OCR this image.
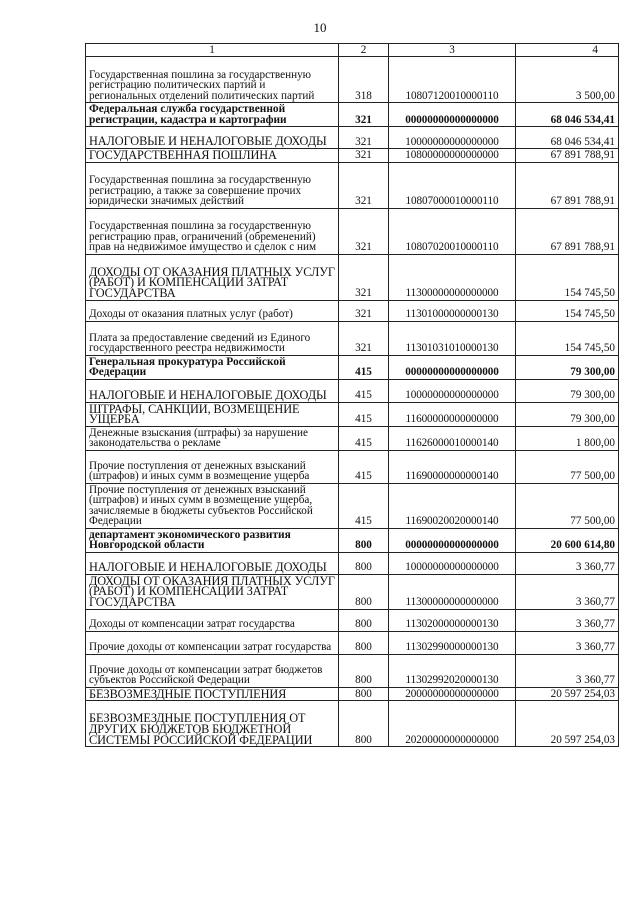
10
1	2	3	4
Государственная пошлина за государственную регистрацию политических партий и региональных отделений политических партий	318	10807120010000110	3 500,00
Федеральная служба государственной регистрации, кадастра и картографии	321	00000000000000000	68 046 534,41
НАЛОГОВЫЕ И НЕНАЛОГОВЫЕ ДОХОДЫ	321	10000000000000000	68 046 534,41
ГОСУДАРСТВЕННАЯ ПОШЛИНА	321	10800000000000000	67 891 788,91
Государственная пошлина за государственную регистрацию, а также за совершение прочих юридически значимых действий	321	10807000010000110	67 891 788,91
Государственная пошлина за государственную регистрацию прав, ограничений (обременений) прав на недвижимое имущество и сделок с ним	321	10807020010000110	67 891 788,91
ДОХОДЫ ОТ ОКАЗАНИЯ ПЛАТНЫХ УСЛУГ (РАБОТ) И КОМПЕНСАЦИИ ЗАТРАТ ГОСУДАРСТВА	321	11300000000000000	154 745,50
Доходы от оказания платных услуг (работ)	321	11301000000000130	154 745,50
Плата за предоставление сведений из Единого государственного реестра недвижимости	321	11301031010000130	154 745,50
Генеральная прокуратура Российской Федерации	415	00000000000000000	79 300,00
НАЛОГОВЫЕ И НЕНАЛОГОВЫЕ ДОХОДЫ	415	10000000000000000	79 300,00
ШТРАФЫ, САНКЦИИ, ВОЗМЕЩЕНИЕ УЩЕРБА	415	11600000000000000	79 300,00
Денежные взыскания (штрафы) за нарушение законодательства о рекламе	415	11626000010000140	1 800,00
Прочие поступления от денежных взысканий (штрафов) и иных сумм в возмещение ущерба	415	11690000000000140	77 500,00
Прочие поступления от денежных взысканий (штрафов) и иных сумм в возмещение ущерба, зачисляемые в бюджеты субъектов Российской Федерации	415	11690020020000140	77 500,00
департамент экономического развития Новгородской области	800	00000000000000000	20 600 614,80
НАЛОГОВЫЕ И НЕНАЛОГОВЫЕ ДОХОДЫ	800	10000000000000000	3 360,77
ДОХОДЫ ОТ ОКАЗАНИЯ ПЛАТНЫХ УСЛУГ (РАБОТ) И КОМПЕНСАЦИИ ЗАТРАТ ГОСУДАРСТВА	800	11300000000000000	3 360,77
Доходы от компенсации затрат государства	800	11302000000000130	3 360,77
Прочие доходы от компенсации затрат государства	800	11302990000000130	3 360,77
Прочие доходы от компенсации затрат бюджетов субъектов Российской Федерации	800	11302992020000130	3 360,77
БЕЗВОЗМЕЗДНЫЕ ПОСТУПЛЕНИЯ	800	20000000000000000	20 597 254,03
БЕЗВОЗМЕЗДНЫЕ ПОСТУПЛЕНИЯ ОТ ДРУГИХ БЮДЖЕТОВ БЮДЖЕТНОЙ СИСТЕМЫ РОССИЙСКОЙ ФЕДЕРАЦИИ	800	20200000000000000	20 597 254,03
